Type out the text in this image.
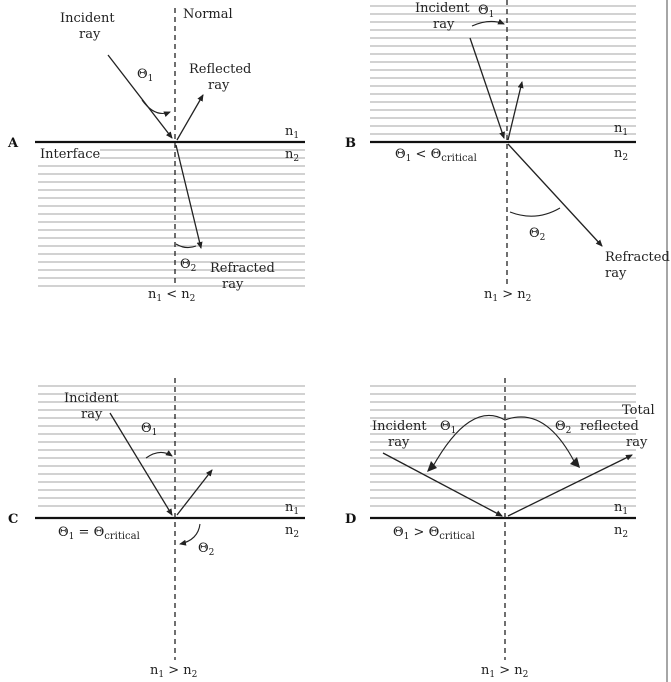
A
Incident
ray
Normal
$\Theta_1$
Reflected
ray
$n_1$
$n_2$
Interface
$\Theta_2$ Refracted
ray
$n_1 < n_2$
B
Incident
ray
$\Theta_1$
$n_1$
$n_2$
$\Theta_1 < \Theta_{critical}$
$\Theta_2$
Refracted
ray
$n_1 > n_2$
C
Incident
ray
$\Theta_1$
$n_1$
$n_2$
$\Theta_1 = \Theta_{critical}$
$\Theta_2$
$n_1 > n_2$
D
Incident
ray
$\Theta_1$	$\Theta_2$
Total
reflected
ray
$n_1$
$n_2$
$\Theta_1 > \Theta_{critical}$
$n_1 > n_2$
